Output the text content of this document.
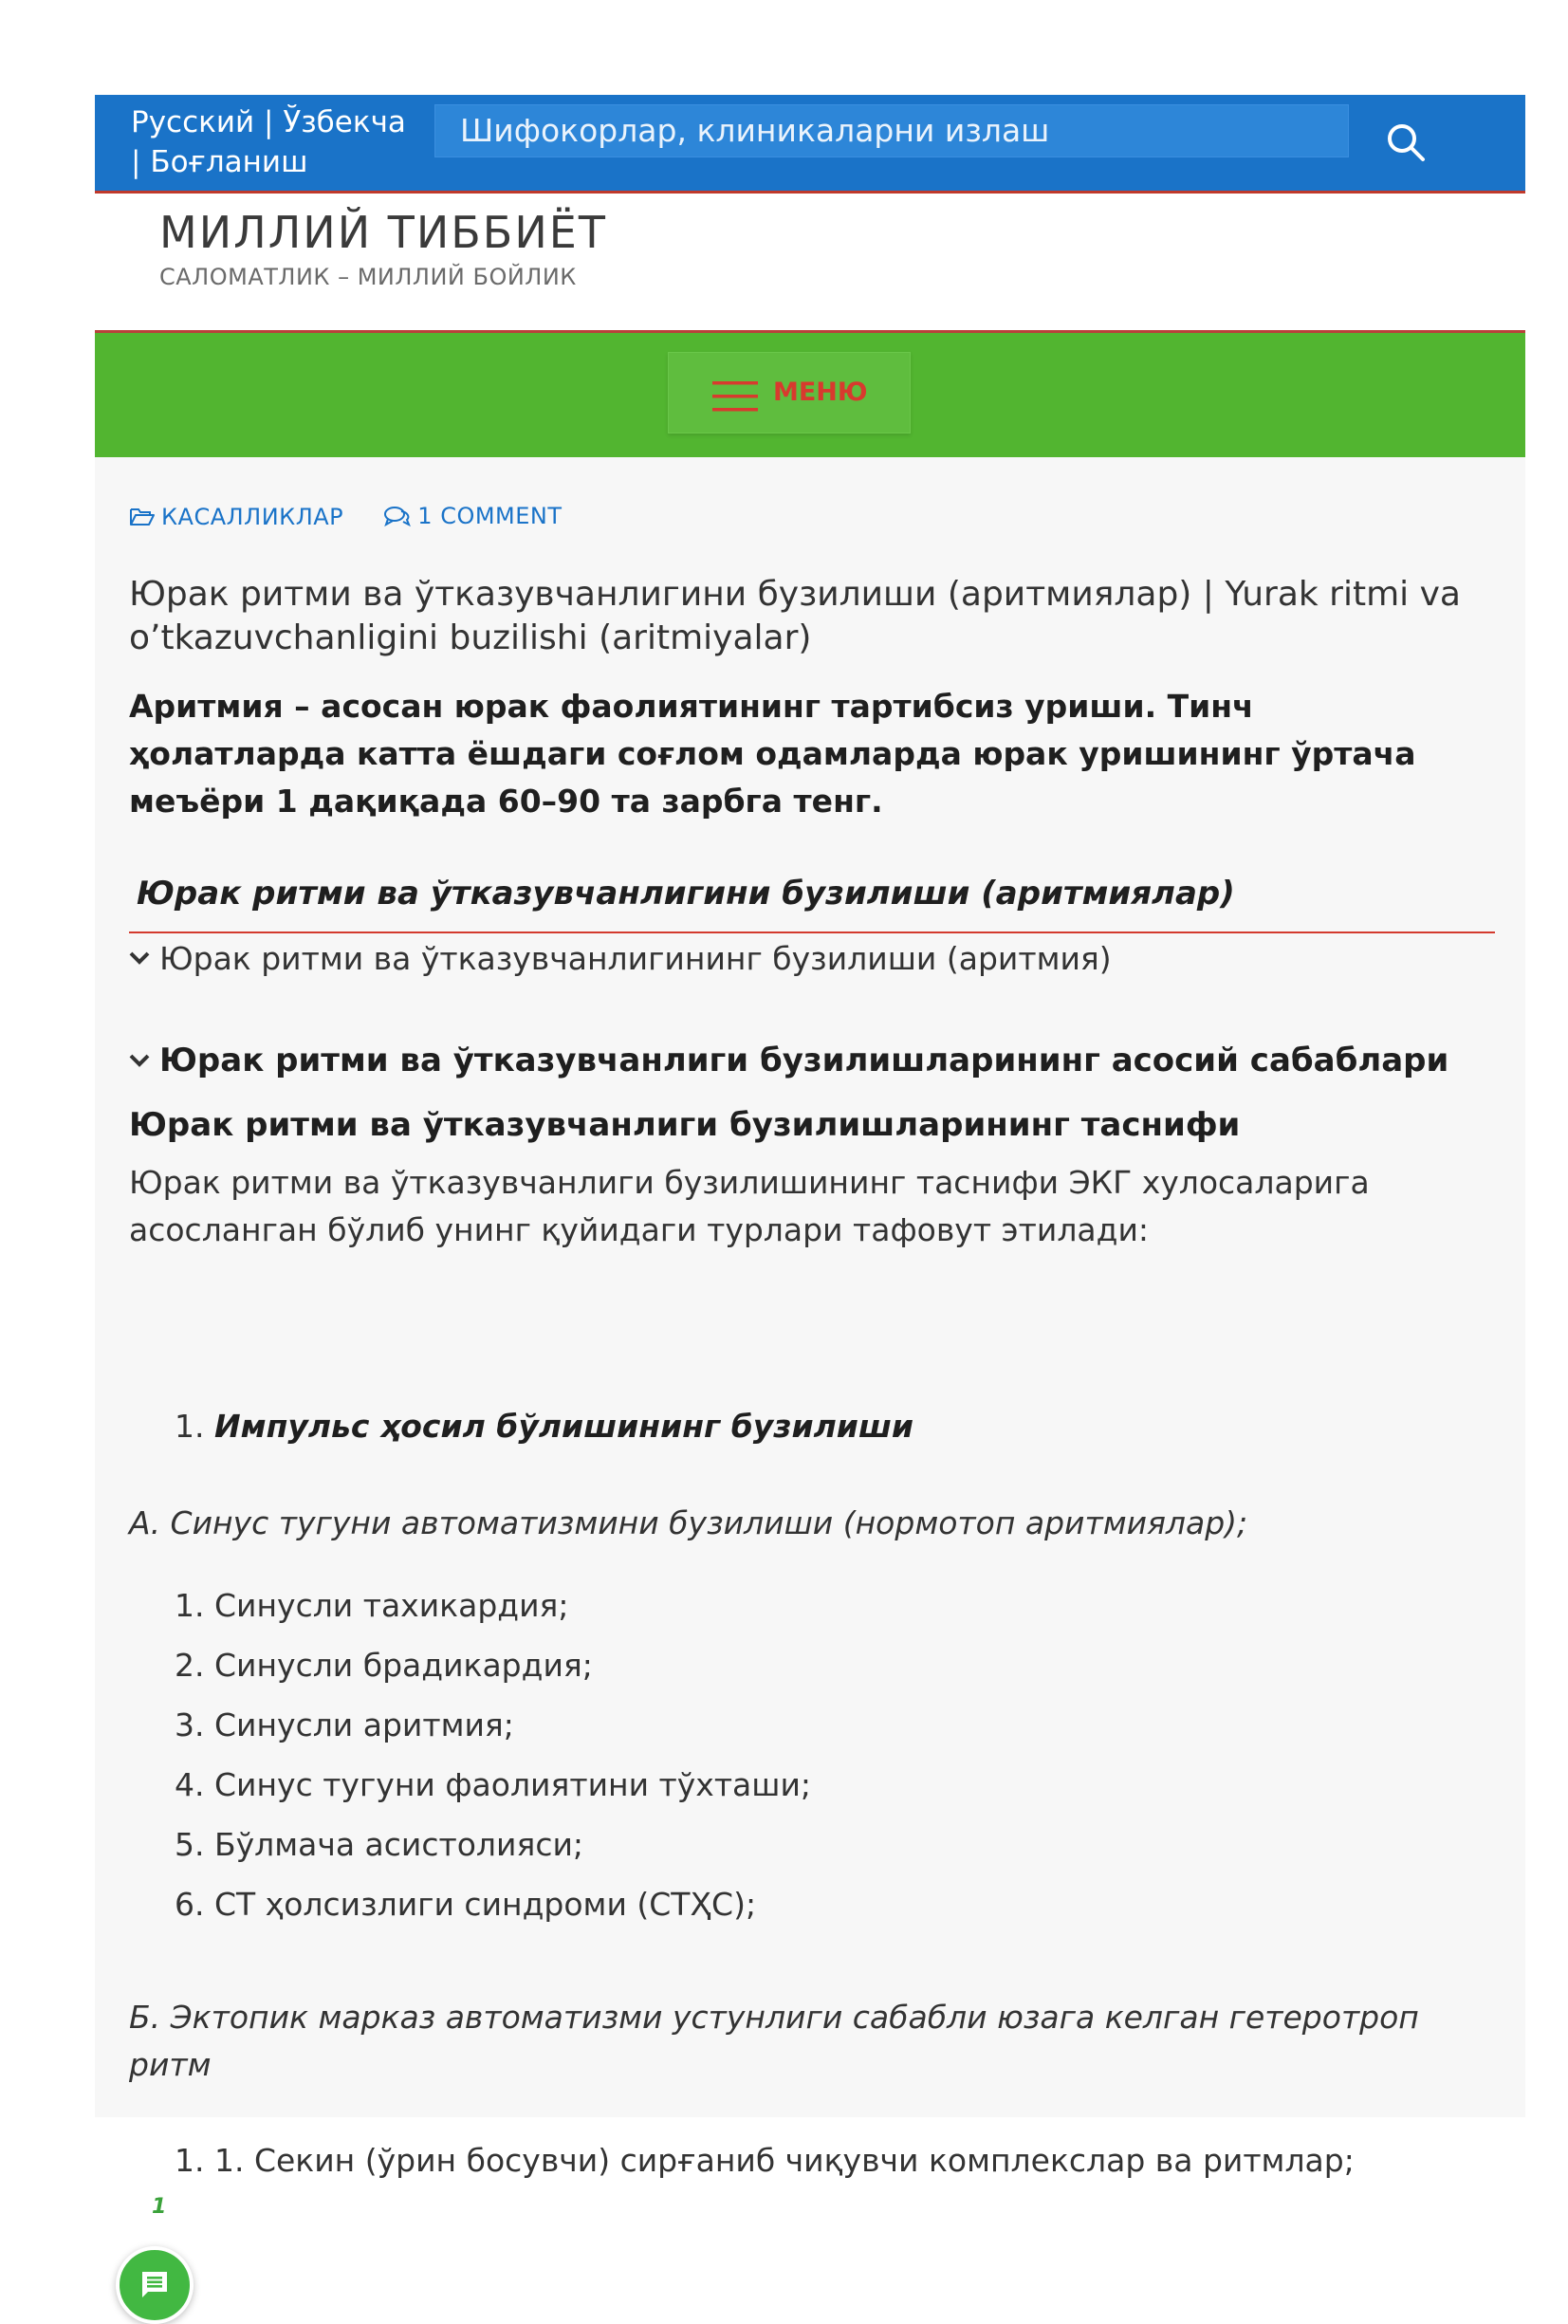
Русский | Ўзбекча
| Боғланиш
Шифокорлар, клиникаларни излаш
МИЛЛИЙ ТИББИЁТ
САЛОМАТЛИК – МИЛЛИЙ БОЙЛИК
МЕНЮ
КАСАЛЛИКЛАР
	1 COMMENT
Юрак ритми ва ўтказувчанлигини бузилиши (аритмиялар) | Yurak ritmi va o’tkazuvchanligini buzilishi (aritmiyalar)
Аритмия – асосан юрак фаолиятининг тартибсиз уриши. Тинч ҳолатларда катта ёшдаги соғлом одамларда юрак уришининг ўртача меъёри 1 дақиқада 60–90 та зарбга тенг.
Юрак ритми ва ўтказувчанлигини бузилиши (аритмиялар)
Юрак ритми ва ўтказувчанлигининг бузилиши (аритмия)
Юрак ритми ва ўтказувчанлиги бузилишларининг асосий сабаблари
Юрак ритми ва ўтказувчанлиги бузилишларининг таснифи
Юрак ритми ва ўтказувчанлиги бузилишининг таснифи ЭКГ хулосаларига асосланган бўлиб унинг қуйидаги турлари тафовут этилади:
1. Импульс ҳосил бўлишининг бузилиши
А. Синус тугуни автоматизмини бузилиши (нормотоп аритмиялар);
1. Синусли тахикардия;
2. Синусли брадикардия;
3. Синусли аритмия;
4. Синус тугуни фаолиятини тўхташи;
5. Бўлмача асистолияси;
6. СТ ҳолсизлиги синдроми (СТҲС);
Б. Эктопик марказ автоматизми устунлиги сабабли юзага келган гетеротроп ритм
1. 1. Секин (ўрин босувчи) сирғаниб чиқувчи комплекслар ва ритмлар;
1
